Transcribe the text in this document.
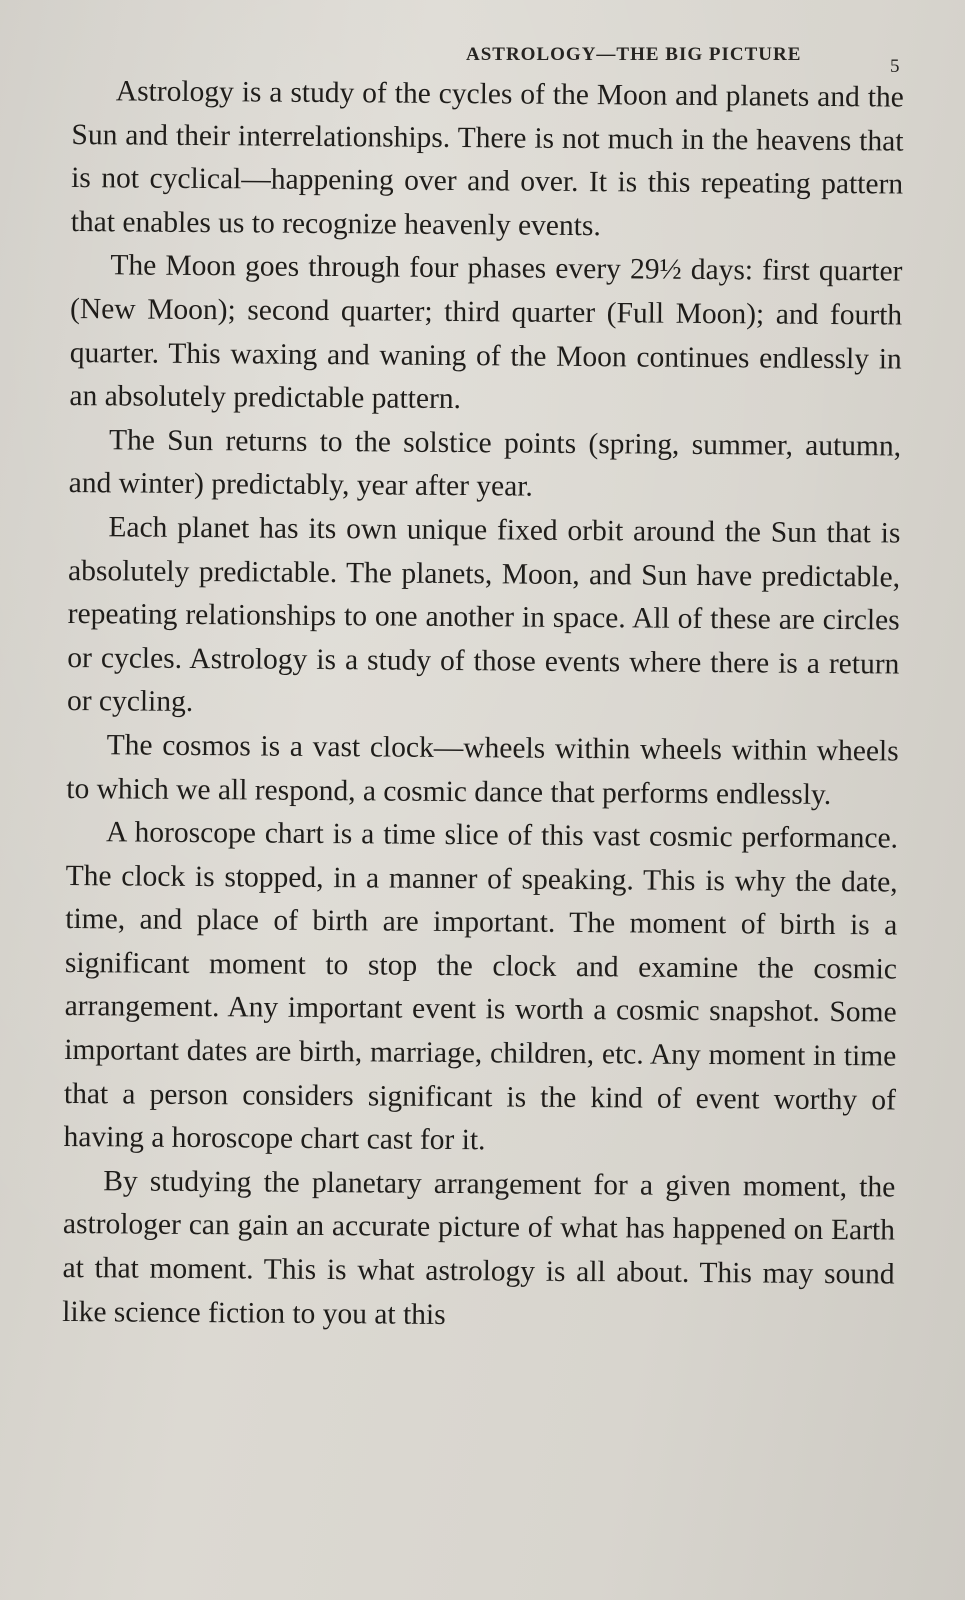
ASTROLOGY—THE BIG PICTURE
5

Astrology is a study of the cycles of the Moon and planets and the Sun and their interrelationships. There is not much in the heavens that is not cyclical—happening over and over. It is this repeating pattern that enables us to recognize heavenly events.

The Moon goes through four phases every 29½ days: first quarter (New Moon); second quarter; third quarter (Full Moon); and fourth quarter. This waxing and waning of the Moon continues endlessly in an absolutely predictable pattern.

The Sun returns to the solstice points (spring, summer, autumn, and winter) predictably, year after year.

Each planet has its own unique fixed orbit around the Sun that is absolutely predictable. The planets, Moon, and Sun have predictable, repeating relationships to one another in space. All of these are circles or cycles. Astrology is a study of those events where there is a return or cycling.

The cosmos is a vast clock—wheels within wheels within wheels to which we all respond, a cosmic dance that performs endlessly.

A horoscope chart is a time slice of this vast cosmic performance. The clock is stopped, in a manner of speaking. This is why the date, time, and place of birth are important. The moment of birth is a significant moment to stop the clock and examine the cosmic arrangement. Any important event is worth a cosmic snapshot. Some important dates are birth, marriage, children, etc. Any moment in time that a person considers significant is the kind of event worthy of having a horoscope chart cast for it.

By studying the planetary arrangement for a given moment, the astrologer can gain an accurate picture of what has happened on Earth at that moment. This is what astrology is all about. This may sound like science fiction to you at this
